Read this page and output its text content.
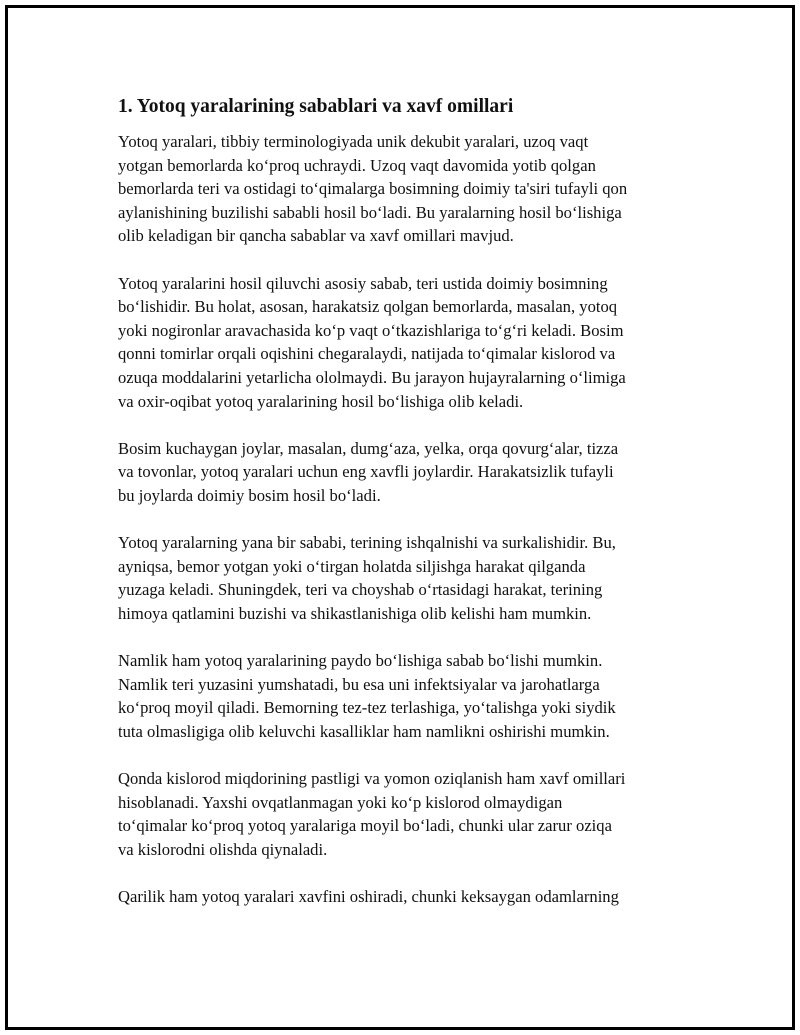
1. Yotoq yaralarining sabablari va xavf omillari

Yotoq yaralari, tibbiy terminologiyada unik dekubit yaralari, uzoq vaqt
yotgan bemorlarda ko‘proq uchraydi. Uzoq vaqt davomida yotib qolgan
bemorlarda teri va ostidagi to‘qimalarga bosimning doimiy ta'siri tufayli qon
aylanishining buzilishi sababli hosil bo‘ladi. Bu yaralarning hosil bo‘lishiga
olib keladigan bir qancha sabablar va xavf omillari mavjud.

Yotoq yaralarini hosil qiluvchi asosiy sabab, teri ustida doimiy bosimning
bo‘lishidir. Bu holat, asosan, harakatsiz qolgan bemorlarda, masalan, yotoq
yoki nogironlar aravachasida ko‘p vaqt o‘tkazishlariga to‘g‘ri keladi. Bosim
qonni tomirlar orqali oqishini chegaralaydi, natijada to‘qimalar kislorod va
ozuqa moddalarini yetarlicha ololmaydi. Bu jarayon hujayralarning o‘limiga
va oxir-oqibat yotoq yaralarining hosil bo‘lishiga olib keladi.

Bosim kuchaygan joylar, masalan, dumg‘aza, yelka, orqa qovurg‘alar, tizza
va tovonlar, yotoq yaralari uchun eng xavfli joylardir. Harakatsizlik tufayli
bu joylarda doimiy bosim hosil bo‘ladi.

Yotoq yaralarning yana bir sababi, terining ishqalnishi va surkalishidir. Bu,
ayniqsa, bemor yotgan yoki o‘tirgan holatda siljishga harakat qilganda
yuzaga keladi. Shuningdek, teri va choyshab o‘rtasidagi harakat, terining
himoya qatlamini buzishi va shikastlanishiga olib kelishi ham mumkin.

Namlik ham yotoq yaralarining paydo bo‘lishiga sabab bo‘lishi mumkin.
Namlik teri yuzasini yumshatadi, bu esa uni infektsiyalar va jarohatlarga
ko‘proq moyil qiladi. Bemorning tez-tez terlashiga, yo‘talishga yoki siydik
tuta olmasligiga olib keluvchi kasalliklar ham namlikni oshirishi mumkin.

Qonda kislorod miqdorining pastligi va yomon oziqlanish ham xavf omillari
hisoblanadi. Yaxshi ovqatlanmagan yoki ko‘p kislorod olmaydigan
to‘qimalar ko‘proq yotoq yaralariga moyil bo‘ladi, chunki ular zarur oziqa
va kislorodni olishda qiynaladi.

Qarilik ham yotoq yaralari xavfini oshiradi, chunki keksaygan odamlarning
